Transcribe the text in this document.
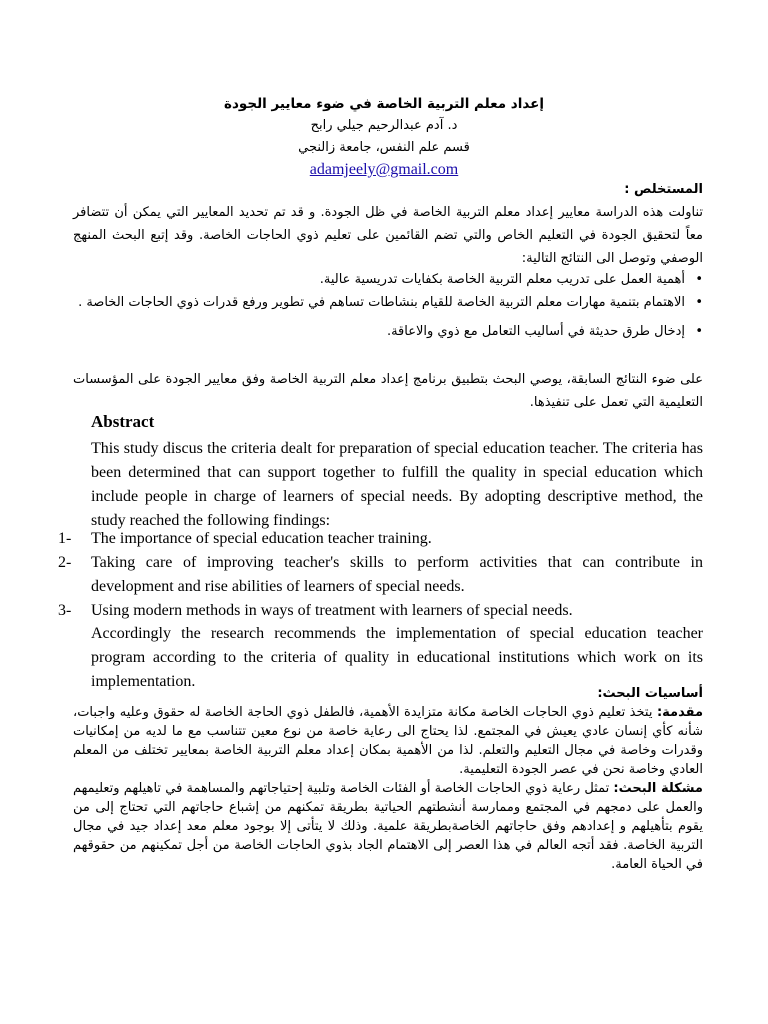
إعداد معلم التربية الخاصة في ضوء معايير الجودة
د. آدم عبدالرحيم جيلي رابح
قسم علم النفس، جامعة زالنجي
adamjeely@gmail.com
المستخلص :
تناولت هذه الدراسة معايير إعداد معلم التربية الخاصة في ظل الجودة. و قد تم تحديد المعايير التي يمكن أن تتضافر معاً لتحقيق الجودة في التعليم الخاص والتي تضم القائمين على تعليم ذوي الحاجات الخاصة. وقد إتبع البحث المنهج الوصفي وتوصل الى النتائج التالية:
•
أهمية العمل على تدريب معلم التربية الخاصة بكفايات تدريسية عالية.
•
الاهتمام بتنمية مهارات معلم التربية الخاصة للقيام بنشاطات تساهم في تطوير ورفع قدرات ذوي الحاجات الخاصة .
•
إدخال طرق حديثة في أساليب التعامل مع ذوي والاعاقة.
على ضوء النتائج السابقة، يوصي البحث بتطبيق برنامج إعداد معلم التربية الخاصة وفق معايير الجودة على المؤسسات التعليمية التي تعمل على تنفيذها.
Abstract
This study discus the criteria dealt for preparation of special education teacher. The criteria has been determined that can support together to fulfill the quality in special education which include people in charge of learners of special needs. By adopting descriptive method, the study reached the following findings:
1- The importance of special education teacher training.
2- Taking care of improving teacher's skills to perform activities that can contribute in development and rise abilities of learners of special needs.
3- Using modern methods in ways of treatment with learners of special needs.
Accordingly the research recommends the implementation of special education teacher program according to the criteria of quality in educational institutions which work on its implementation.
أساسيات البحث:

مقدمة: يتخذ تعليم ذوي الحاجات الخاصة مكانة متزايدة الأهمية، فالطفل ذوي الحاجة الخاصة له حقوق وعليه واجبات، شأنه كأي إنسان عادي يعيش في المجتمع. لذا يحتاج الى رعاية خاصة من نوع معين تتناسب مع ما لديه من إمكانيات وقدرات وخاصة في مجال التعليم والتعلم. لذا من الأهمية بمكان إعداد معلم التربية الخاصة بمعايير تختلف من المعلم العادي وخاصة نحن في عصر الجودة التعليمية.

مشكلة البحث: تمثل رعاية ذوي الحاجات الخاصة أو الفئات الخاصة وتلبية إحتياجاتهم والمساهمة في تاهيلهم وتعليمهم والعمل على دمجهم في المجتمع وممارسة أنشطتهم الحياتية بطريقة تمكنهم من إشباع حاجاتهم التي تحتاج إلى من يقوم بتأهيلهم و إعدادهم وفق حاجاتهم الخاصةبطريقة علمية. وذلك لا يتأتى إلا بوجود معلم معد إعداد جيد في مجال التربية الخاصة. فقد أتجه العالم في هذا العصر إلى الاهتمام الجاد بذوي الحاجات الخاصة من أجل تمكينهم من حقوقهم في الحياة العامة.
